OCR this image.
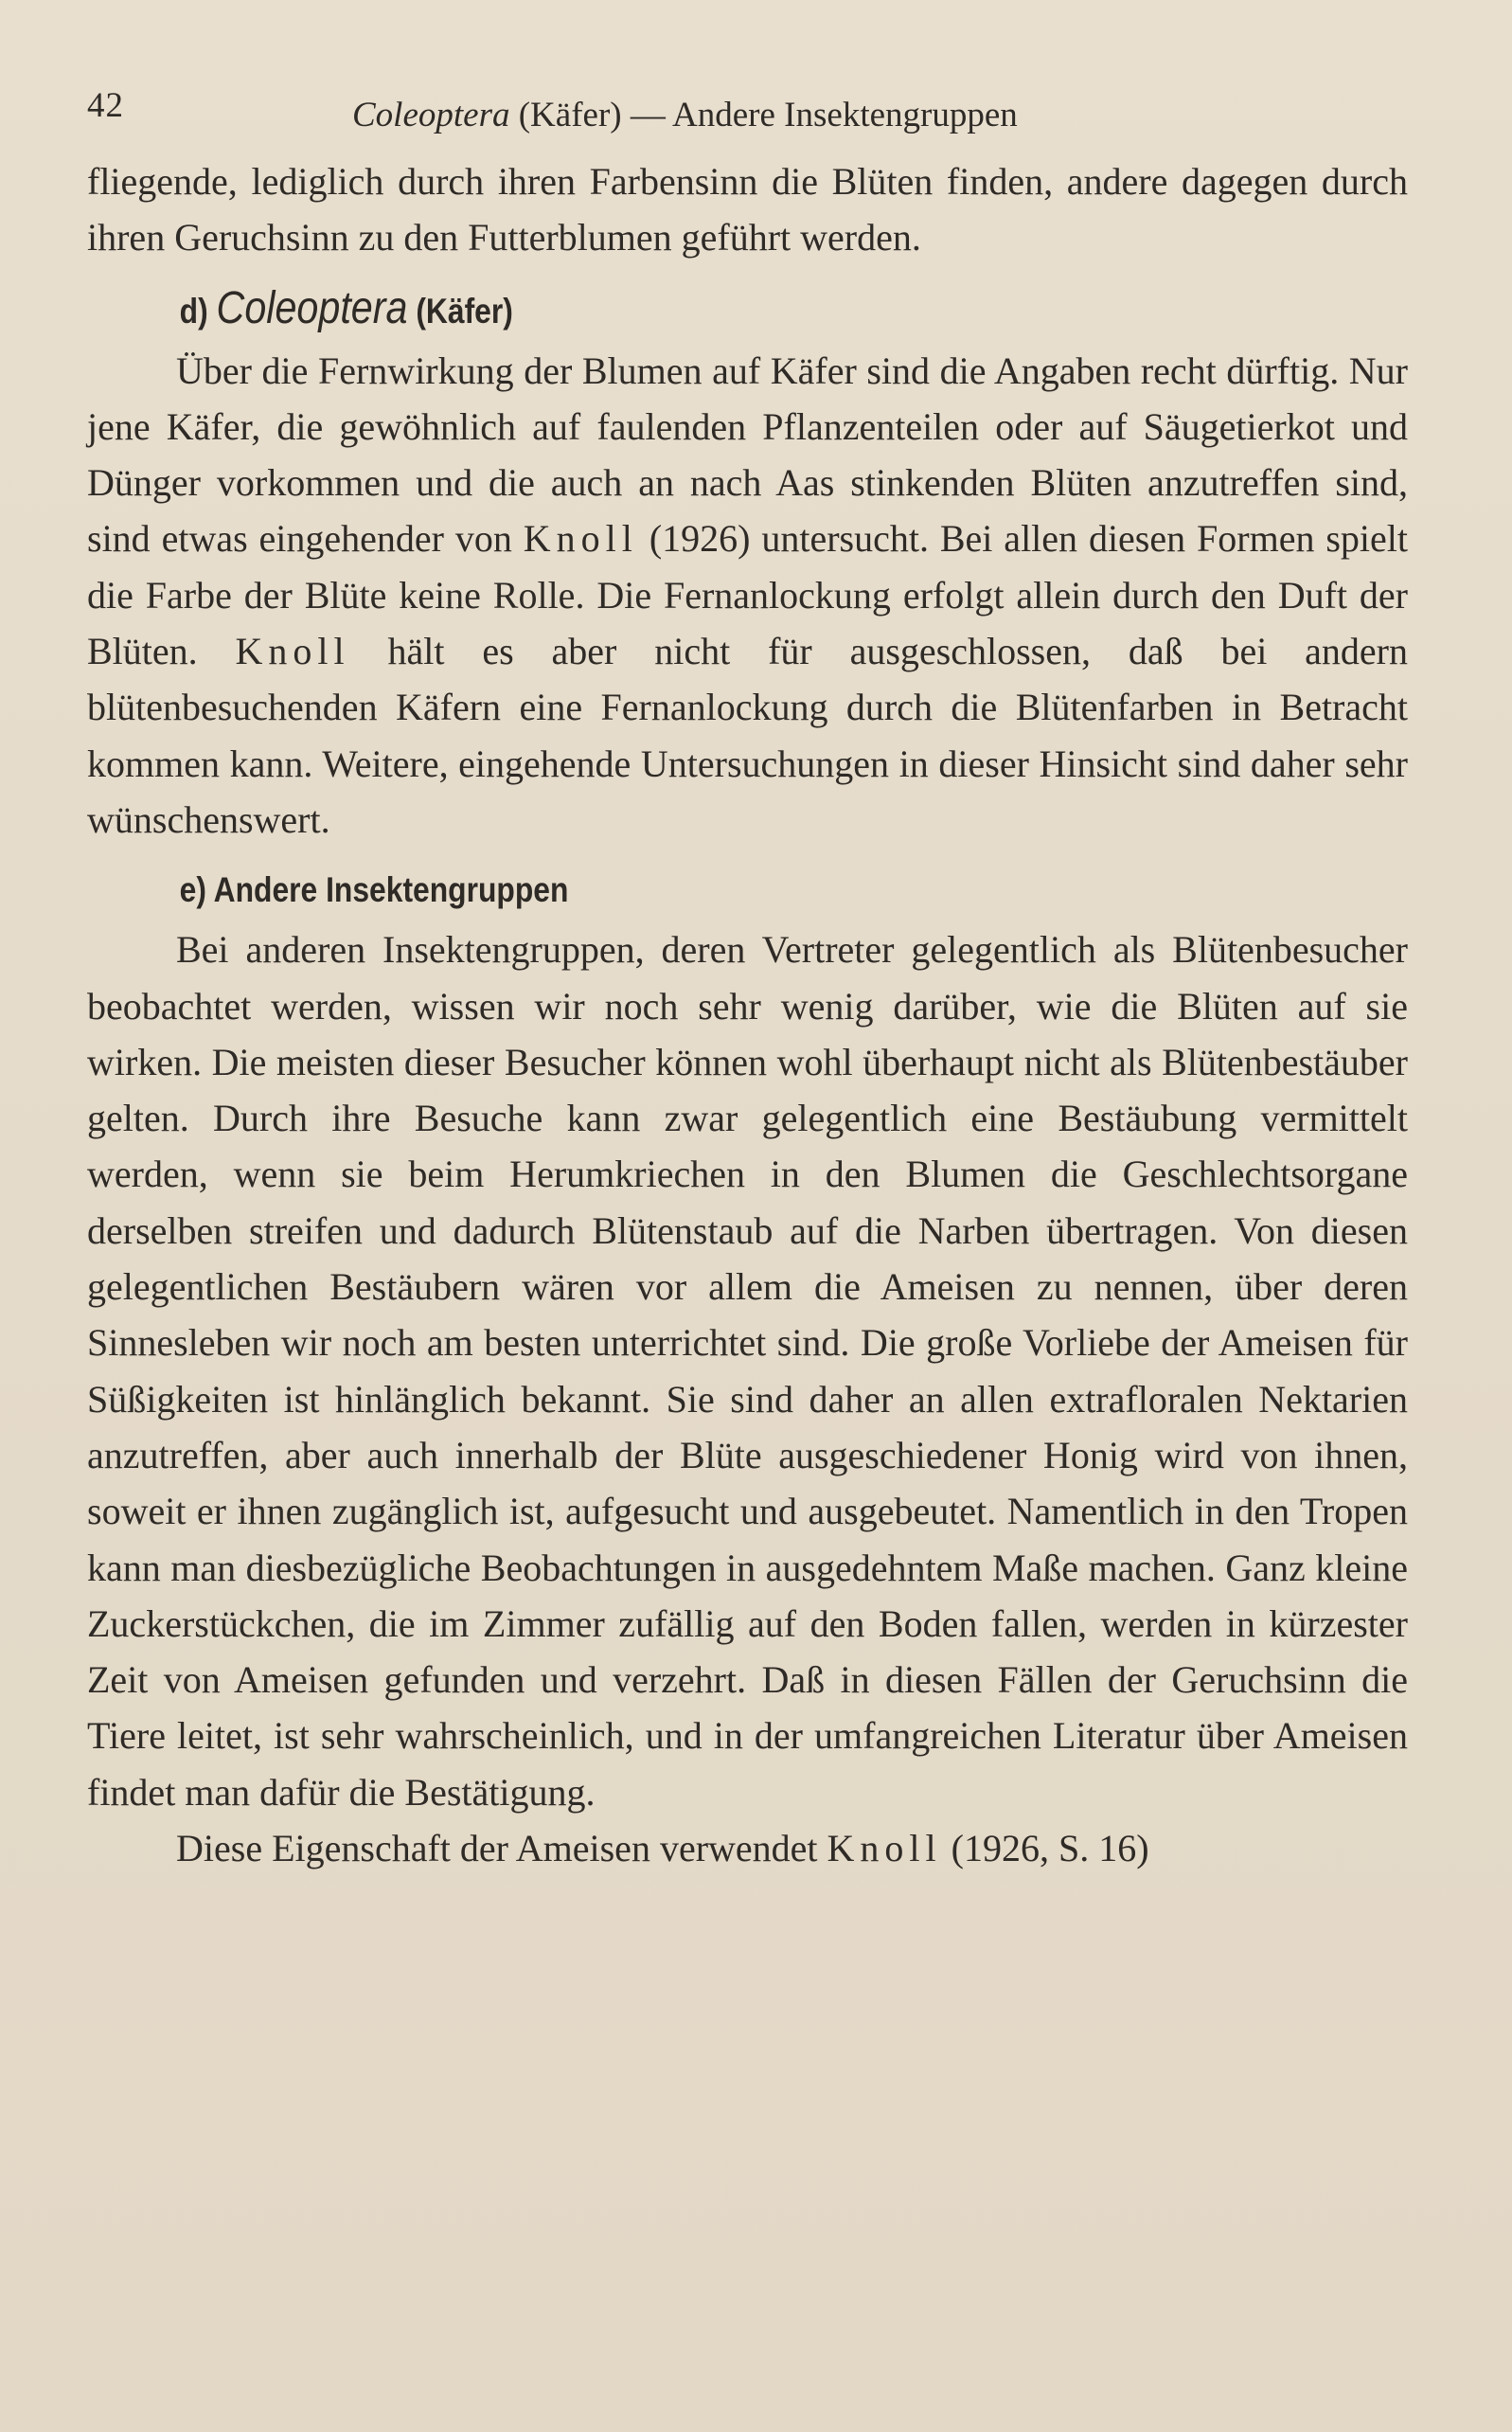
42	Coleoptera (Käfer) — Andere Insektengruppen

fliegende, lediglich durch ihren Farbensinn die Blüten finden, andere dagegen durch ihren Geruchsinn zu den Futterblumen geführt werden.

d) Coleoptera (Käfer)

Über die Fernwirkung der Blumen auf Käfer sind die Angaben recht dürftig. Nur jene Käfer, die gewöhnlich auf faulenden Pflanzenteilen oder auf Säugetierkot und Dünger vorkommen und die auch an nach Aas stinkenden Blüten anzutreffen sind, sind etwas eingehender von Knoll (1926) untersucht. Bei allen diesen Formen spielt die Farbe der Blüte keine Rolle. Die Fernanlockung erfolgt allein durch den Duft der Blüten. Knoll hält es aber nicht für ausgeschlossen, daß bei andern blütenbesuchenden Käfern eine Fernanlockung durch die Blütenfarben in Betracht kommen kann. Weitere, eingehende Untersuchungen in dieser Hinsicht sind daher sehr wünschenswert.

e) Andere Insektengruppen

Bei anderen Insektengruppen, deren Vertreter gelegentlich als Blütenbesucher beobachtet werden, wissen wir noch sehr wenig darüber, wie die Blüten auf sie wirken. Die meisten dieser Besucher können wohl überhaupt nicht als Blütenbestäuber gelten. Durch ihre Besuche kann zwar gelegentlich eine Bestäubung vermittelt werden, wenn sie beim Herumkriechen in den Blumen die Geschlechtsorgane derselben streifen und dadurch Blütenstaub auf die Narben übertragen. Von diesen gelegentlichen Bestäubern wären vor allem die Ameisen zu nennen, über deren Sinnesleben wir noch am besten unterrichtet sind. Die große Vorliebe der Ameisen für Süßigkeiten ist hinlänglich bekannt. Sie sind daher an allen extrafloralen Nektarien anzutreffen, aber auch innerhalb der Blüte ausgeschiedener Honig wird von ihnen, soweit er ihnen zugänglich ist, aufgesucht und ausgebeutet. Namentlich in den Tropen kann man diesbezügliche Beobachtungen in ausgedehntem Maße machen. Ganz kleine Zuckerstückchen, die im Zimmer zufällig auf den Boden fallen, werden in kürzester Zeit von Ameisen gefunden und verzehrt. Daß in diesen Fällen der Geruchsinn die Tiere leitet, ist sehr wahrscheinlich, und in der umfangreichen Literatur über Ameisen findet man dafür die Bestätigung.

Diese Eigenschaft der Ameisen verwendet Knoll (1926, S. 16)
